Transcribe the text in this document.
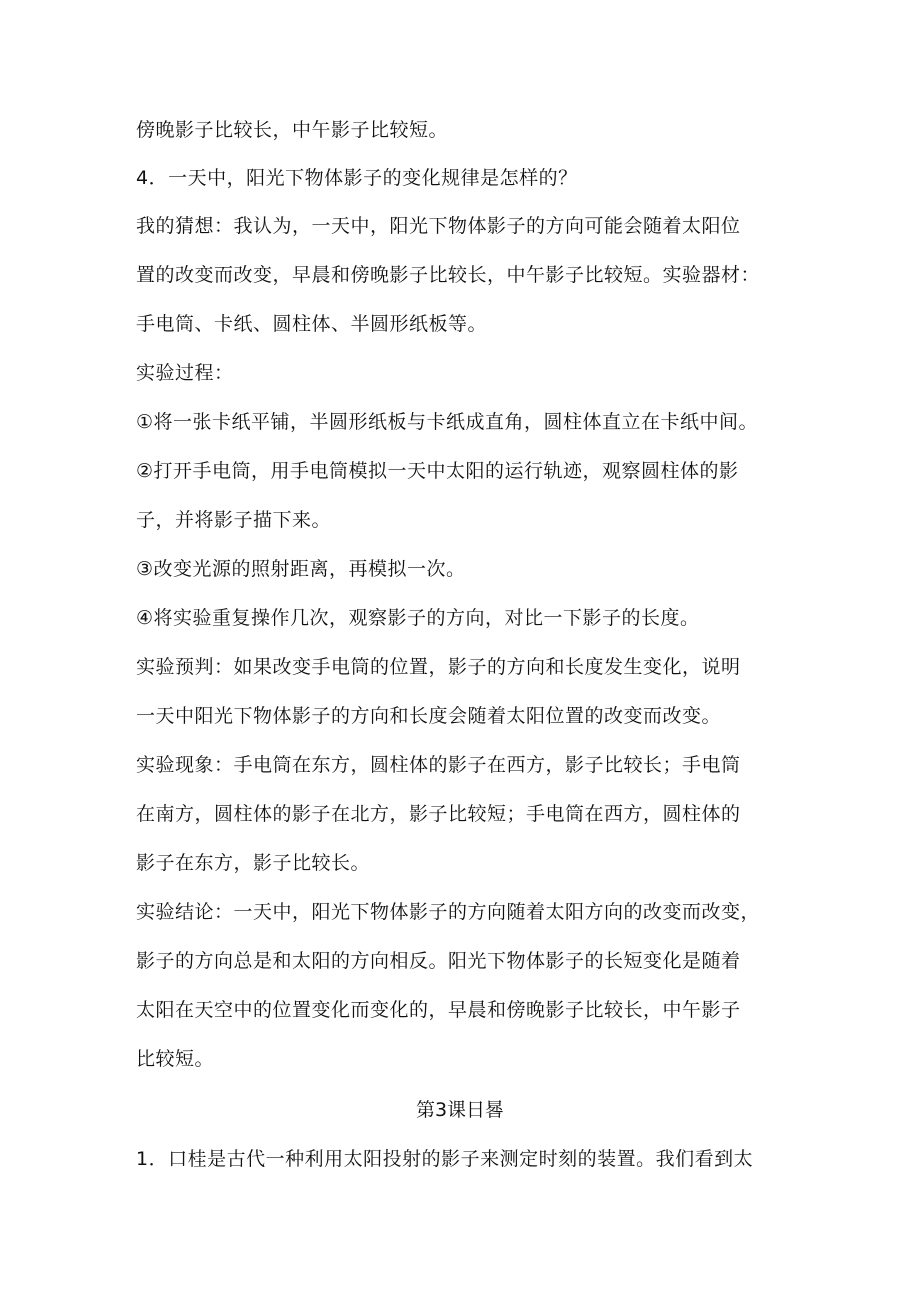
傍晚影子比较长，中午影子比较短。
4．一天中，阳光下物体影子的变化规律是怎样的？
我的猜想：我认为，一天中，阳光下物体影子的方向可能会随着太阳位
置的改变而改变，早晨和傍晚影子比较长，中午影子比较短。实验器材：
手电筒、卡纸、圆柱体、半圆形纸板等。
实验过程：
①将一张卡纸平铺，半圆形纸板与卡纸成直角，圆柱体直立在卡纸中间。
②打开手电筒，用手电筒模拟一天中太阳的运行轨迹，观察圆柱体的影
子，并将影子描下来。
③改变光源的照射距离，再模拟一次。
④将实验重复操作几次，观察影子的方向，对比一下影子的长度。
实验预判：如果改变手电筒的位置，影子的方向和长度发生变化，说明
一天中阳光下物体影子的方向和长度会随着太阳位置的改变而改变。
实验现象：手电筒在东方，圆柱体的影子在西方，影子比较长；手电筒
在南方，圆柱体的影子在北方，影子比较短；手电筒在西方，圆柱体的
影子在东方，影子比较长。
实验结论：一天中，阳光下物体影子的方向随着太阳方向的改变而改变，
影子的方向总是和太阳的方向相反。阳光下物体影子的长短变化是随着
太阳在天空中的位置变化而变化的，早晨和傍晚影子比较长，中午影子
比较短。
第3课日晷
1．口桂是古代一种利用太阳投射的影子来测定时刻的装置。我们看到太
